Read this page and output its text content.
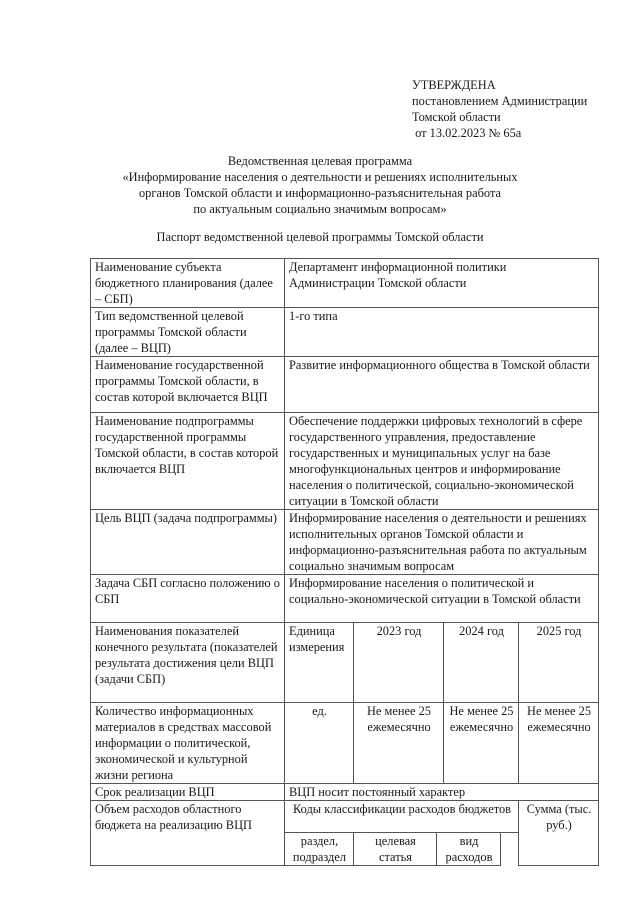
УТВЕРЖДЕНА
постановлением Администрации
Томской области
от 13.02.2023 № 65а
Ведомственная целевая программа
«Информирование населения о деятельности и решениях исполнительных
органов Томской области и информационно-разъяснительная работа
по актуальным социально значимым вопросам»
Паспорт ведомственной целевой программы Томской области
Наименование субъекта бюджетного планирования (далее – СБП)	Департамент информационной политики Администрации Томской области				
Тип ведомственной целевой программы Томской области (далее – ВЦП)	1-го типа				
Наименование государственной программы Томской области, в состав которой включается ВЦП	Развитие информационного общества в Томской области				
Наименование подпрограммы государственной программы Томской области, в состав которой включается ВЦП	Обеспечение поддержки цифровых технологий в сфере государственного управления, предоставление государственных и муниципальных услуг на базе многофункциональных центров и информирование населения о политической, социально-экономической ситуации в Томской области				
Цель ВЦП (задача подпрограммы)	Информирование населения о деятельности и решениях исполнительных органов Томской области и информационно-разъяснительная работа по актуальным социально значимым вопросам				
Задача СБП согласно положению о СБП	Информирование населения о политической и социально-экономической ситуации в Томской области				
Наименования показателей конечного результата (показателей результата достижения цели ВЦП (задачи СБП)	Единица измерения	2023 год		2024 год	2025 год
Количество информационных материалов в средствах массовой информации о политической, экономической и культурной жизни региона	ед.	Не менее 25 ежемесячно		Не менее 25 ежемесячно	Не менее 25 ежемесячно
Срок реализации ВЦП	ВЦП носит постоянный характер				
Объем расходов областного бюджета на реализацию ВЦП	Коды классификации расходов бюджетов				Сумма (тыс. руб.)
	раздел, подраздел	целевая статья	вид расходов		
